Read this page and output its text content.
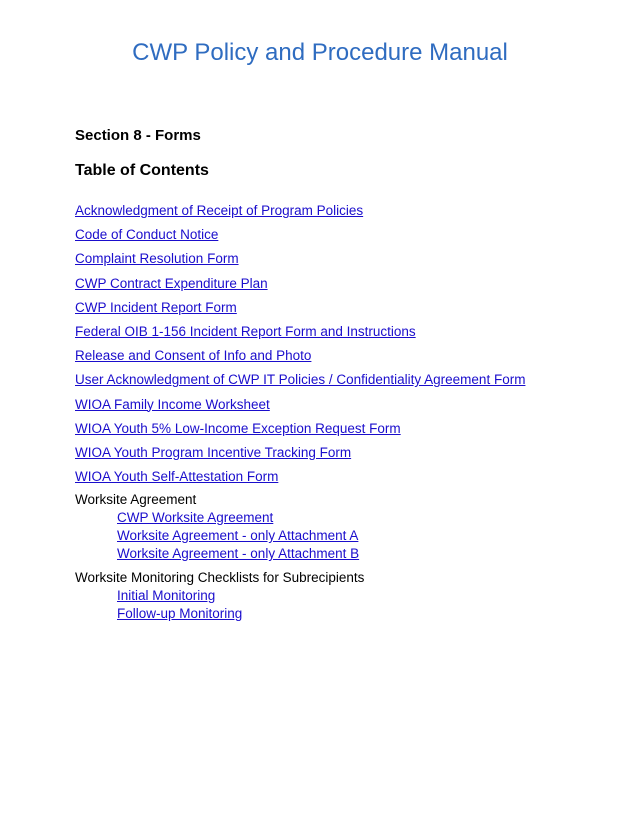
CWP Policy and Procedure Manual
Section 8 - Forms
Table of Contents
Acknowledgment of Receipt of Program Policies
Code of Conduct Notice
Complaint Resolution Form
CWP Contract Expenditure Plan
CWP Incident Report Form
Federal OIB 1-156 Incident Report Form and Instructions
Release and Consent of Info and Photo
User Acknowledgment of CWP IT Policies / Confidentiality Agreement Form
WIOA Family Income Worksheet
WIOA Youth 5% Low-Income Exception Request Form
WIOA Youth Program Incentive Tracking Form
WIOA Youth Self-Attestation Form
Worksite Agreement
CWP Worksite Agreement
Worksite Agreement - only Attachment A
Worksite Agreement - only Attachment B
Worksite Monitoring Checklists for Subrecipients
Initial Monitoring
Follow-up Monitoring
